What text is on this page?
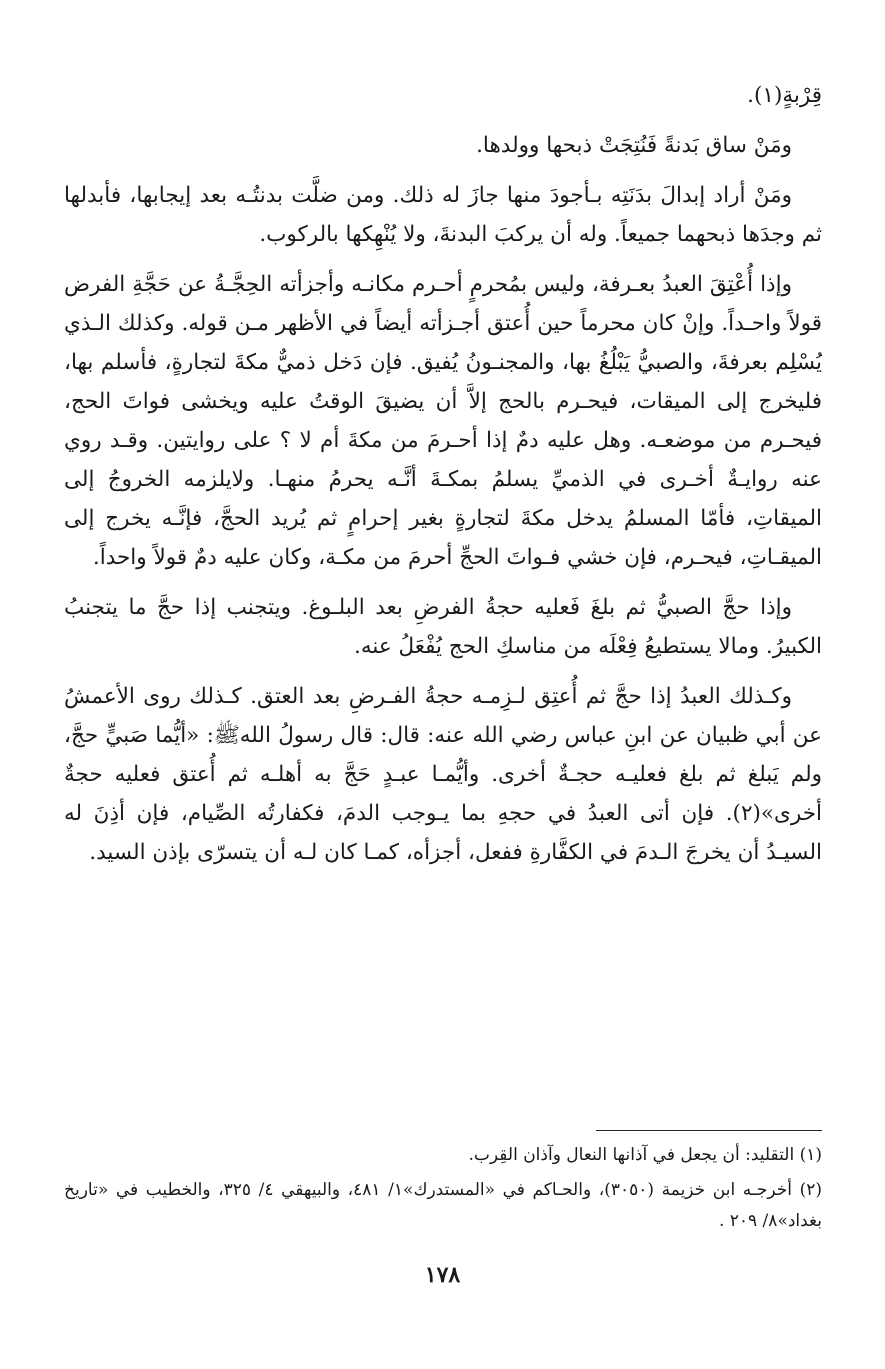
قِرْبةٍ(١).

ومَنْ ساق بَدنةً فَنُتِجَتْ ذبحها وولدها.

ومَنْ أراد إبدالَ بدَنَتِه بـأجودَ منها جازَ له ذلك. ومن ضلَّت بدنتُـه بعد إيجابها، فأبدلها ثم وجدَها ذبحهما جميعاً. وله أن يركبَ البدنةَ، ولا يُنْهِكها بالركوب.

وإذا أُعْتِقَ العبدُ بعـرفة، وليس بمُحرمٍ أحـرم مكانـه وأجزأته الحِجَّـةُ عن حَجَّةِ الفرض قولاً واحـداً. وإنْ كان محرماً حين أُعتق أجـزأته أيضاً في الأظهر مـن قوله. وكذلك الـذي يُسْلِم بعرفةَ، والصبيُّ يَبْلُغُ بها، والمجنـونُ يُفيق. فإن دَخل ذميٌّ مكةَ لتجارةٍ، فأسلم بها، فليخرج إلى الميقات، فيحـرم بالحج إلاَّ أن يضيقَ الوقتُ عليه ويخشى فواتَ الحج، فيحـرم من موضعـه. وهل عليه دمٌ إذا أحـرمَ من مكةَ أم لا ؟ على روايتين. وقـد روي عنه روايـةٌ أخـرى في الذميِّ يسلمُ بمكـةَ أنَّـه يحرمُ منهـا. ولايلزمه الخروجُ إلى الميقاتِ، فأمّا المسلمُ يدخل مكةَ لتجارةٍ بغير إحرامٍ ثم يُريد الحجَّ، فإنَّـه يخرج إلى الميقـاتِ، فيحـرم، فإن خشي فـواتَ الحجِّ أحرمَ من مكـة، وكان عليه دمٌ قولاً واحداً.

وإذا حجَّ الصبيُّ ثم بلغَ فَعليه حجةُ الفرضِ بعد البلـوغ. ويتجنب إذا حجَّ ما يتجنبُ الكبيرُ. ومالا يستطيعُ فِعْلَه من مناسكِ الحج يُفْعَلُ عنه.

وكـذلك العبدُ إذا حجَّ ثم أُعتِق لـزِمـه حجةُ الفـرضِ بعد العتق. كـذلك روى الأعمشُ عن أبي ظبيان عن ابنِ عباس رضي الله عنه: قال: قال رسولُ اللهﷺ: «أيُّما صَبيٍّ حجَّ، ولم يَبلغ ثم بلغ فعليـه حجـةٌ أخرى. وأيُّمـا عبـدٍ حَجَّ به أهلـه ثم أُعتق فعليه حجةٌ أخرى»(٢). فإن أتى العبدُ في حجهِ بما يـوجب الدمَ، فكفارتُه الصِّيام، فإن أذِنَ له السيـدُ أن يخرجَ الـدمَ في الكفَّارةِ ففعل، أجزأه، كمـا كان لـه أن يتسرّى بإذن السيد.

(١) التقليد: أن يجعل في آذانها النعال وآذان القِرب.

(٢) أخرجـه ابن خزيمة (٣٠٥٠)، والحـاكم في «المستدرك»١/ ٤٨١، والبيهقي ٤/ ٣٢٥، والخطيب في «تاريخ بغداد»٨/ ٢٠٩ .

١٧٨
